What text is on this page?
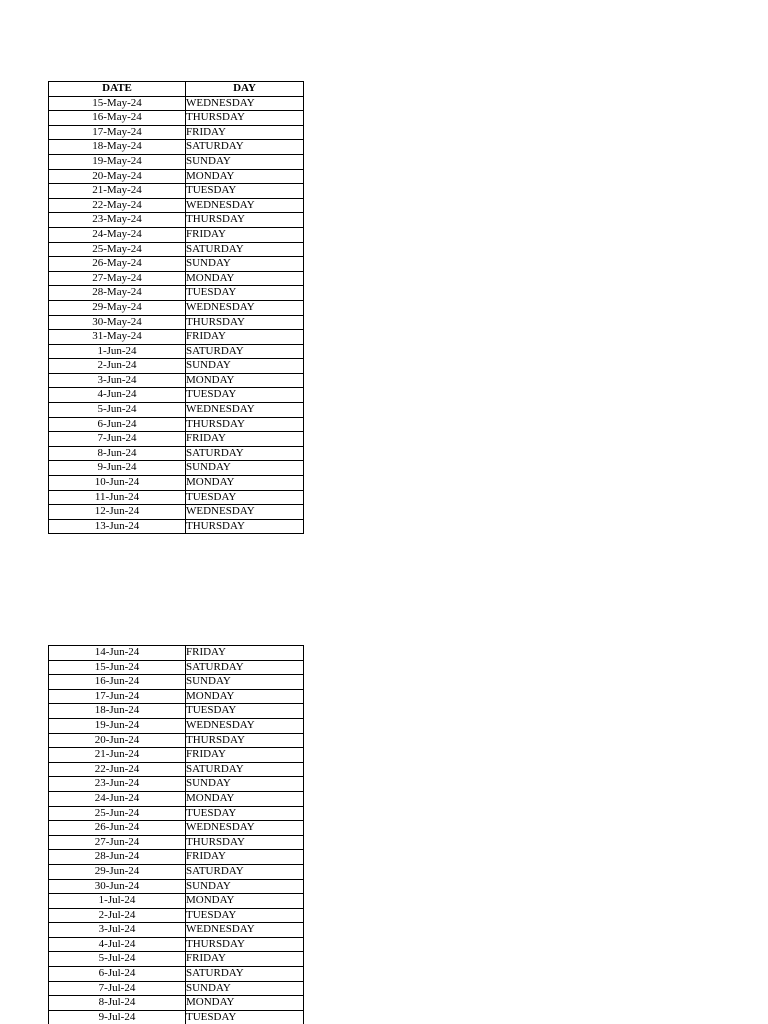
DATE	DAY
15-May-24	WEDNESDAY
16-May-24	THURSDAY
17-May-24	FRIDAY
18-May-24	SATURDAY
19-May-24	SUNDAY
20-May-24	MONDAY
21-May-24	TUESDAY
22-May-24	WEDNESDAY
23-May-24	THURSDAY
24-May-24	FRIDAY
25-May-24	SATURDAY
26-May-24	SUNDAY
27-May-24	MONDAY
28-May-24	TUESDAY
29-May-24	WEDNESDAY
30-May-24	THURSDAY
31-May-24	FRIDAY
1-Jun-24	SATURDAY
2-Jun-24	SUNDAY
3-Jun-24	MONDAY
4-Jun-24	TUESDAY
5-Jun-24	WEDNESDAY
6-Jun-24	THURSDAY
7-Jun-24	FRIDAY
8-Jun-24	SATURDAY
9-Jun-24	SUNDAY
10-Jun-24	MONDAY
11-Jun-24	TUESDAY
12-Jun-24	WEDNESDAY
13-Jun-24	THURSDAY
14-Jun-24	FRIDAY
15-Jun-24	SATURDAY
16-Jun-24	SUNDAY
17-Jun-24	MONDAY
18-Jun-24	TUESDAY
19-Jun-24	WEDNESDAY
20-Jun-24	THURSDAY
21-Jun-24	FRIDAY
22-Jun-24	SATURDAY
23-Jun-24	SUNDAY
24-Jun-24	MONDAY
25-Jun-24	TUESDAY
26-Jun-24	WEDNESDAY
27-Jun-24	THURSDAY
28-Jun-24	FRIDAY
29-Jun-24	SATURDAY
30-Jun-24	SUNDAY
1-Jul-24	MONDAY
2-Jul-24	TUESDAY
3-Jul-24	WEDNESDAY
4-Jul-24	THURSDAY
5-Jul-24	FRIDAY
6-Jul-24	SATURDAY
7-Jul-24	SUNDAY
8-Jul-24	MONDAY
9-Jul-24	TUESDAY
